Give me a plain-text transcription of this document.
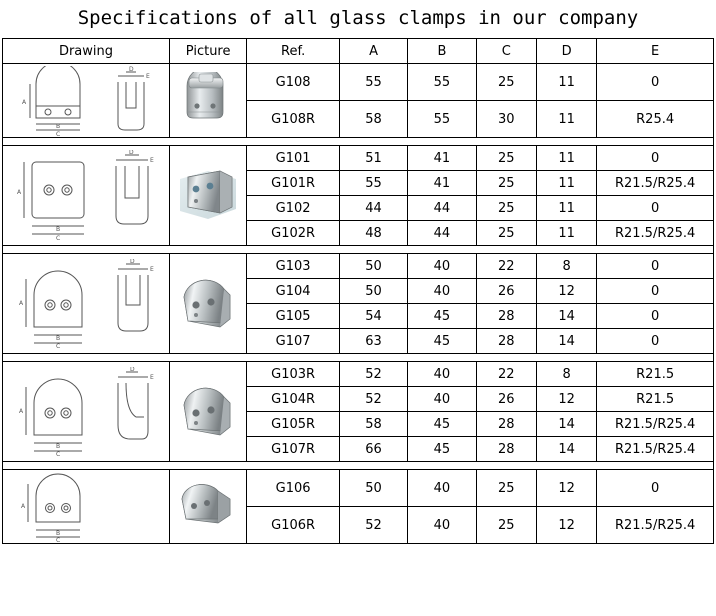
Specifications of all glass clamps in our company
Drawing	Picture	Ref.	A	B	C	D	E

A
B
C
D
E		G108	55	55	25	11	0
		G108R	58	55	30	11	R25.4

A
B
C
D
E		G101	51	41	25	11	0
		G101R	55	41	25	11	R21.5/R25.4
		G102	44	44	25	11	0
		G102R	48	44	25	11	R21.5/R25.4

A
B
C
D
E		G103	50	40	22	8	0
		G104	50	40	26	12	0
		G105	54	45	28	14	0
		G107	63	45	28	14	0

A
B
C
D
E		G103R	52	40	22	8	R21.5
		G104R	52	40	26	12	R21.5
		G105R	58	45	28	14	R21.5/R25.4
		G107R	66	45	28	14	R21.5/R25.4

A
B
C		G106	50	40	25	12	0
		G106R	52	40	25	12	R21.5/R25.4
